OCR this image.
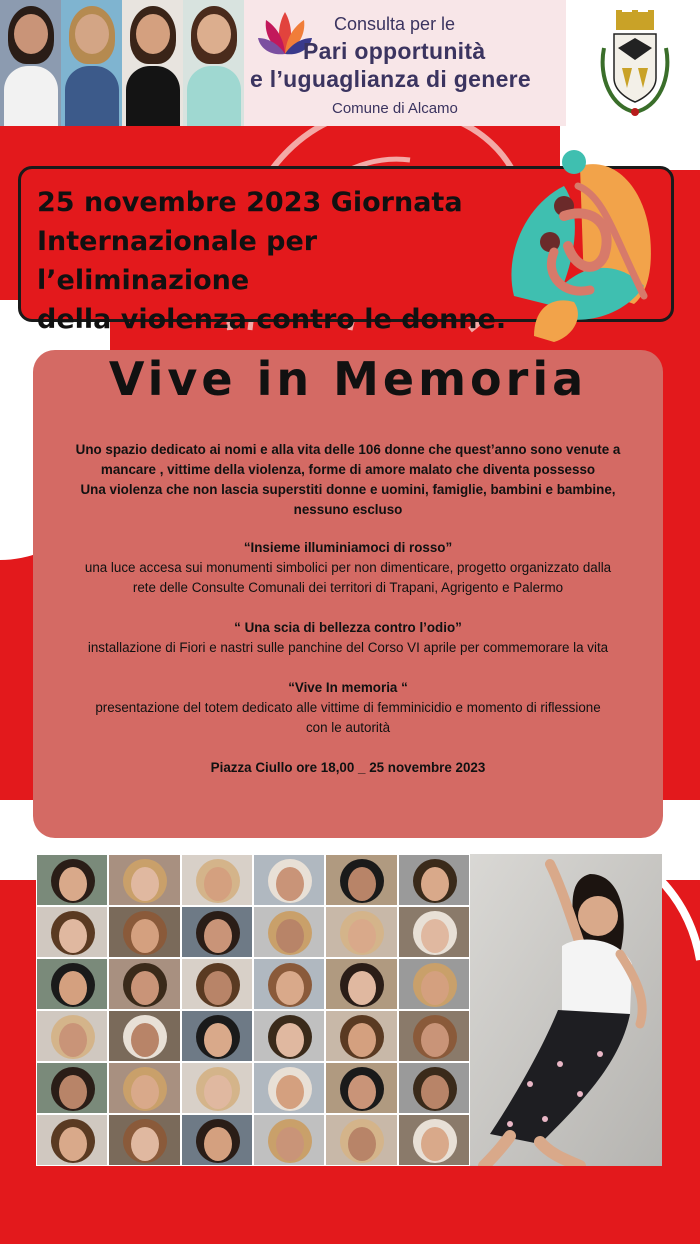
Consulta per le
Pari opportunità
e l’uguaglianza di genere
Comune di Alcamo
25 novembre 2023 Giornata
Internazionale per l’eliminazione
della violenza contro le donne.
Vive in Memoria
Uno spazio dedicato ai nomi e alla vita delle 106 donne che quest’anno sono venute a
mancare , vittime della violenza, forme di amore malato che diventa possesso
Una violenza che non lascia superstiti donne e uomini, famiglie, bambini e bambine,
nessuno escluso
“Insieme illuminiamoci di rosso”
una luce accesa sui monumenti simbolici per non dimenticare, progetto organizzato dalla
rete delle Consulte Comunali dei territori di Trapani, Agrigento e Palermo
“ Una scia di bellezza contro l’odio”
installazione di Fiori e nastri sulle panchine del Corso VI aprile per commemorare la vita
“Vive In memoria “
presentazione del totem dedicato alle vittime di femminicidio e momento di riflessione
con le autorità
Piazza Ciullo ore 18,00 _ 25 novembre 2023
